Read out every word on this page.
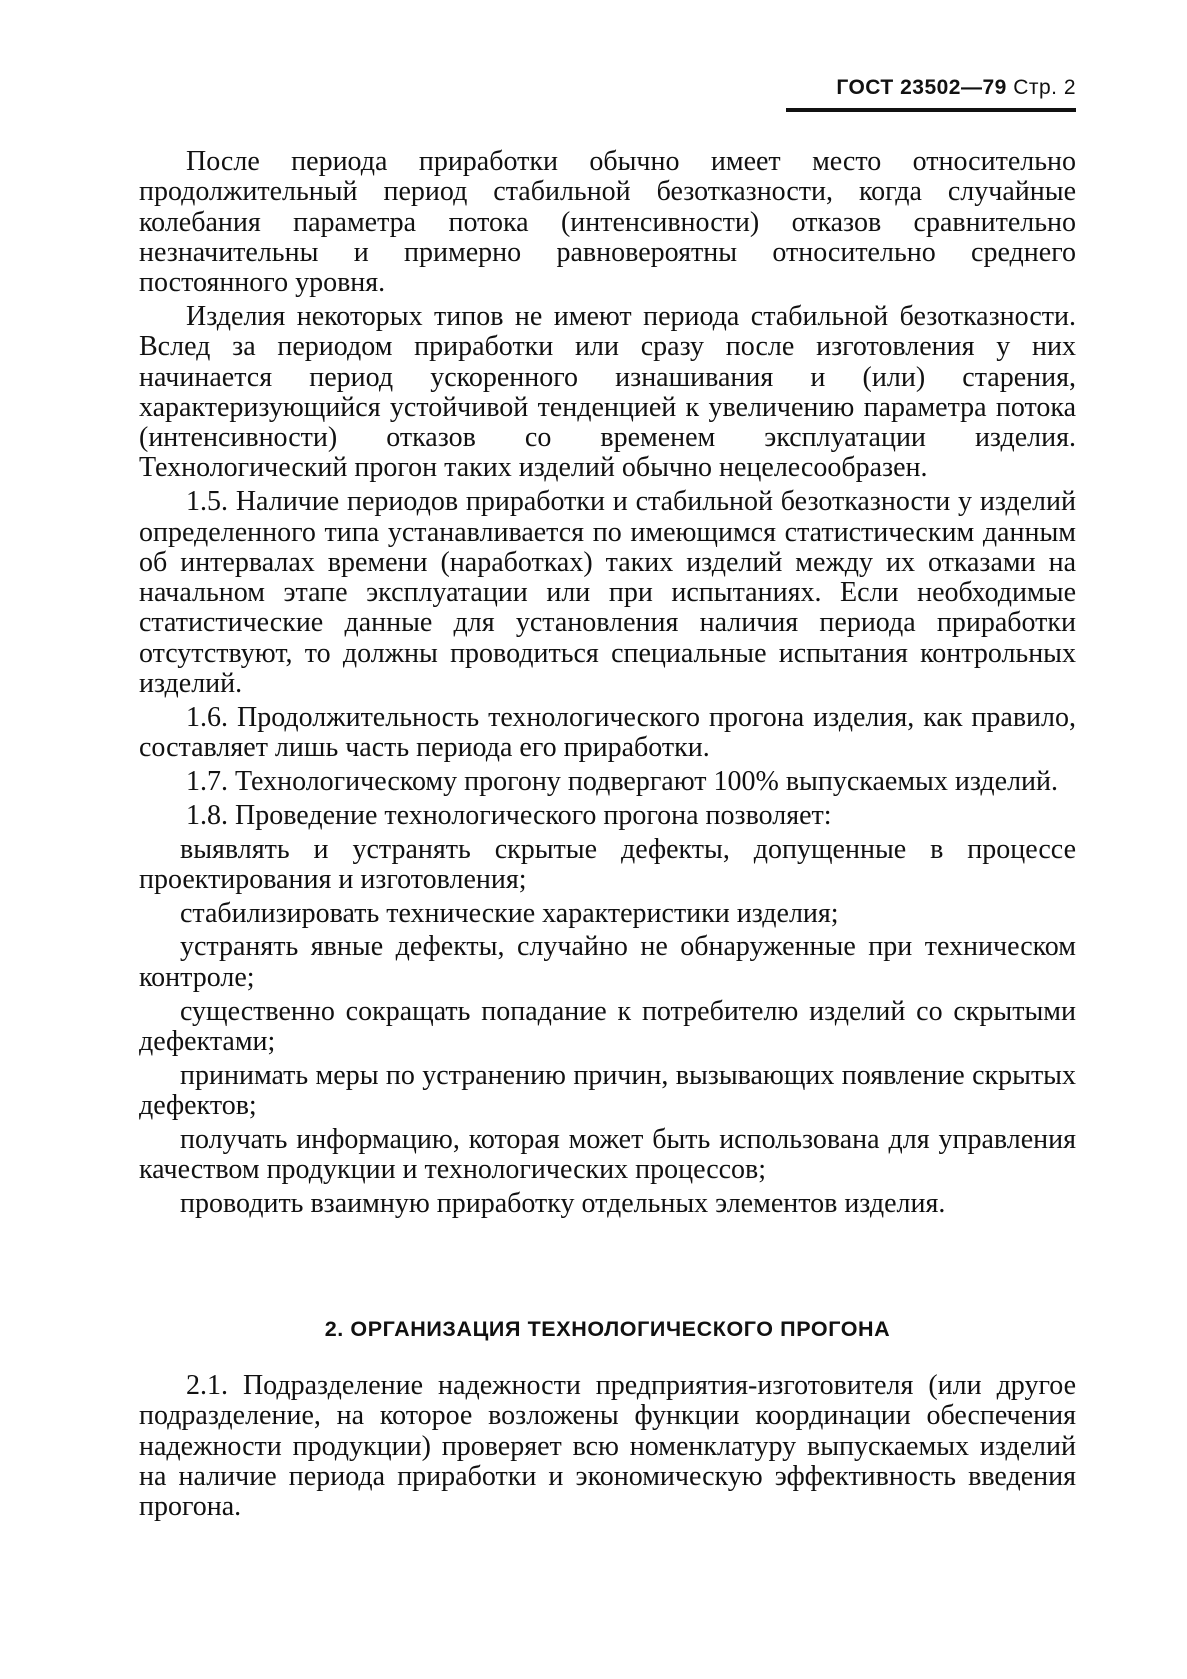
ГОСТ 23502—79 Стр. 2

После периода приработки обычно имеет место относительно продолжительный период стабильной безотказности, когда случайные колебания параметра потока (интенсивности) отказов сравнительно незначительны и примерно равновероятны относительно среднего постоянного уровня.

Изделия некоторых типов не имеют периода стабильной безотказности. Вслед за периодом приработки или сразу после изготовления у них начинается период ускоренного изнашивания и (или) старения, характеризующийся устойчивой тенденцией к увеличению параметра потока (интенсивности) отказов со временем эксплуатации изделия. Технологический прогон таких изделий обычно нецелесообразен.

1.5. Наличие периодов приработки и стабильной безотказности у изделий определенного типа устанавливается по имеющимся статистическим данным об интервалах времени (наработках) таких изделий между их отказами на начальном этапе эксплуатации или при испытаниях. Если необходимые статистические данные для установления наличия периода приработки отсутствуют, то должны проводиться специальные испытания контрольных изделий.

1.6. Продолжительность технологического прогона изделия, как правило, составляет лишь часть периода его приработки.

1.7. Технологическому прогону подвергают 100% выпускаемых изделий.

1.8. Проведение технологического прогона позволяет:

выявлять и устранять скрытые дефекты, допущенные в процессе проектирования и изготовления;

стабилизировать технические характеристики изделия;

устранять явные дефекты, случайно не обнаруженные при техническом контроле;

существенно сокращать попадание к потребителю изделий со скрытыми дефектами;

принимать меры по устранению причин, вызывающих появление скрытых дефектов;

получать информацию, которая может быть использована для управления качеством продукции и технологических процессов;

проводить взаимную приработку отдельных элементов изделия.

2. ОРГАНИЗАЦИЯ ТЕХНОЛОГИЧЕСКОГО ПРОГОНА

2.1. Подразделение надежности предприятия-изготовителя (или другое подразделение, на которое возложены функции координации обеспечения надежности продукции) проверяет всю номенклатуру выпускаемых изделий на наличие периода приработки и экономическую эффективность введения прогона.
